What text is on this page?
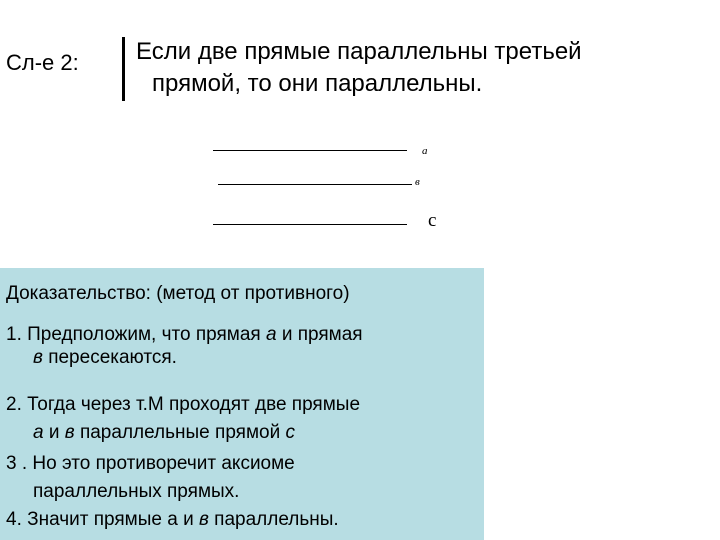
Сл-е 2: Если две прямые параллельны третьей
прямой, то они параллельны.
а
в
с
Доказательство: (метод от противного)
1. Предположим, что прямая а и прямая
в пересекаются.
2. Тогда через т.М проходят две прямые
а и в параллельные прямой с
3 . Но это противоречит аксиоме
параллельных прямых.
4. Значит прямые а и в параллельны.
